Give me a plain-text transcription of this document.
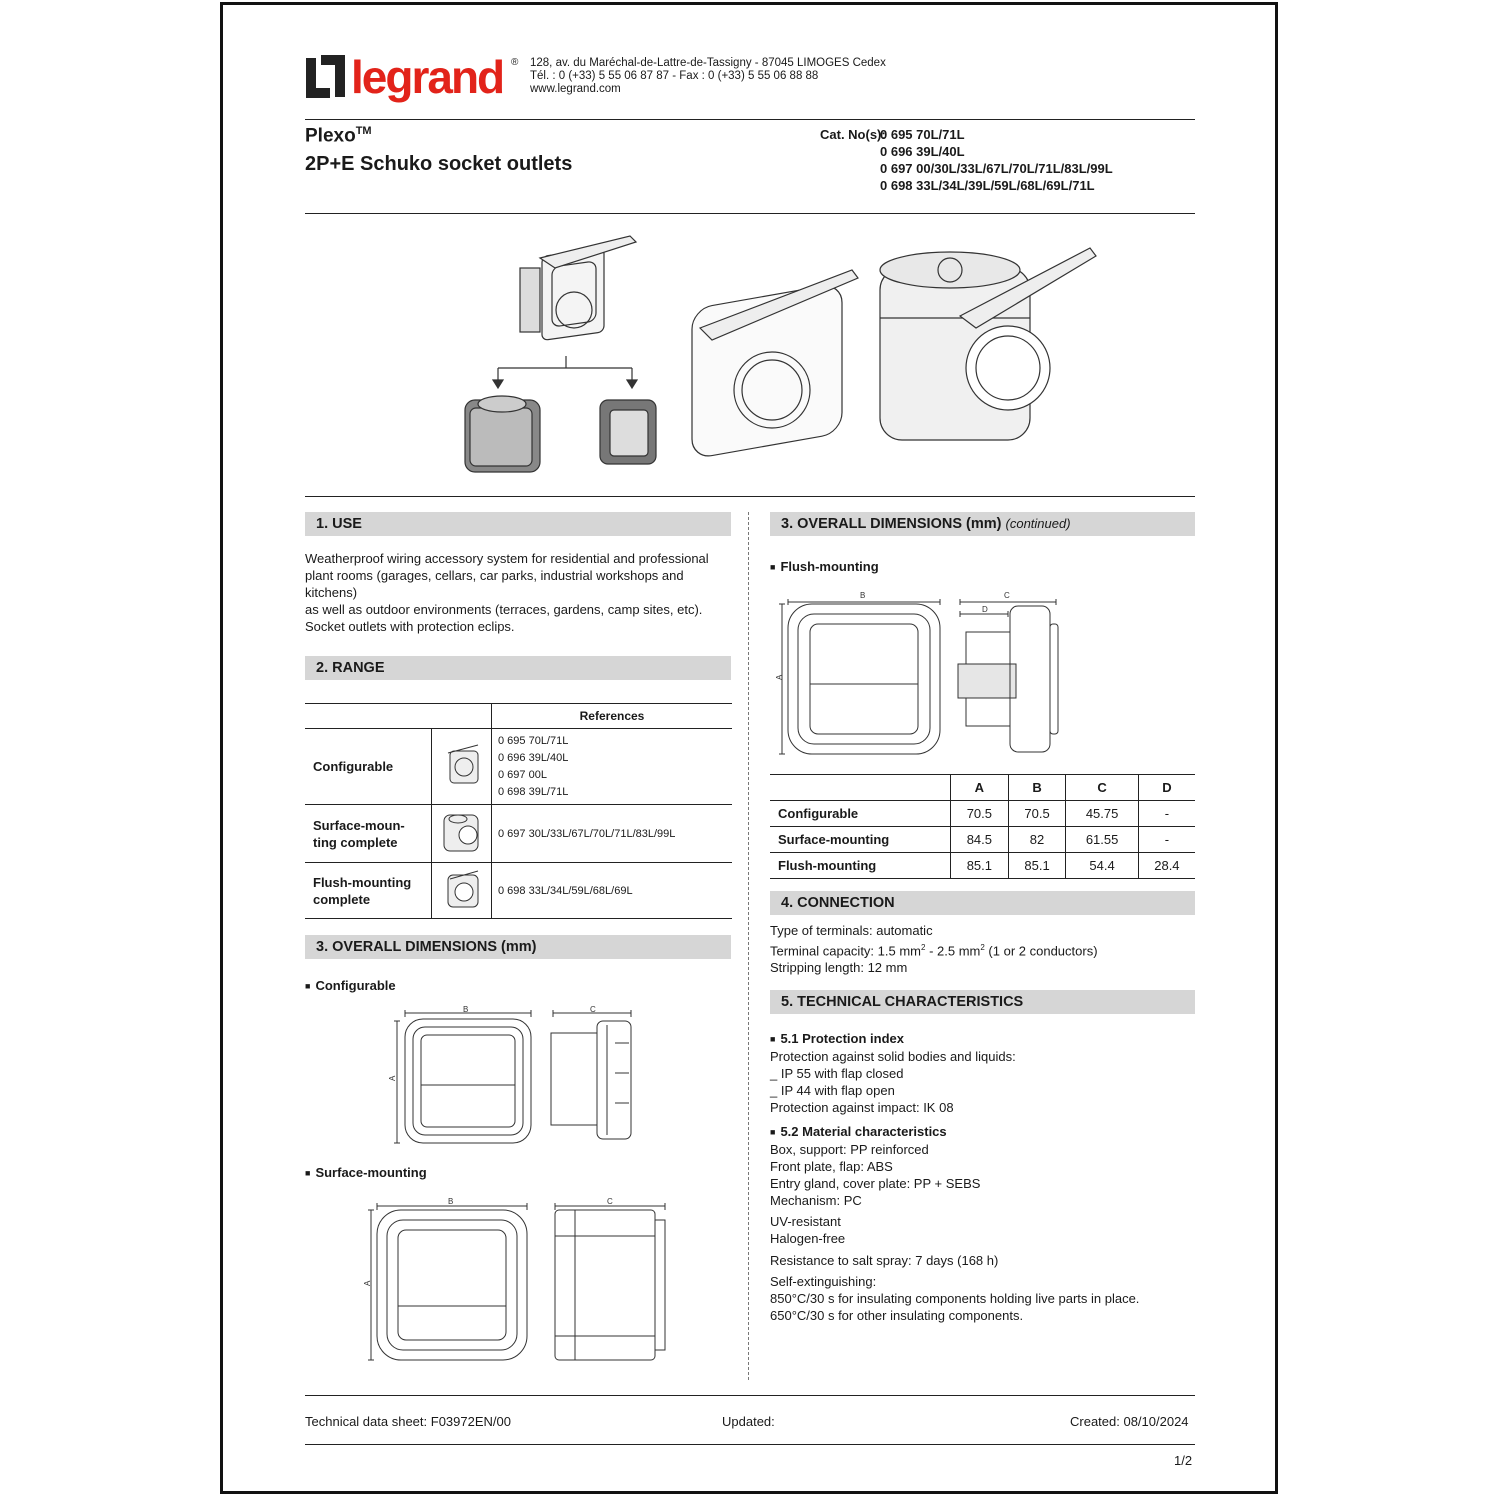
legrand ® 128, av. du Maréchal-de-Lattre-de-Tassigny - 87045 LIMOGES Cedex
Tél. : 0 (+33) 5 55 06 87 87 - Fax : 0 (+33) 5 55 06 88 88
www.legrand.com
Plexo™
2P+E Schuko socket outlets
Cat. No(s):
0 695 70L/71L
0 696 39L/40L
0 697 00/30L/33L/67L/70L/71L/83L/99L
0 698 33L/34L/39L/59L/68L/69L/71L
1. USE
Weatherproof wiring accessory system for residential and professional
plant rooms (garages, cellars, car parks, industrial workshops and kitchens)
as well as outdoor environments (terraces, gardens, camp sites, etc).
Socket outlets with protection eclips.
2. RANGE
		References
Configurable		0 695 70L/71L
0 696 39L/40L
0 697 00L
0 698 39L/71L

Surface-moun-
ting complete		0 697 30L/33L/67L/70L/71L/83L/99L

Flush-mounting
complete		0 698 33L/34L/59L/68L/69L
3. OVERALL DIMENSIONS (mm)
■ Configurable
B
A
C
■ Surface-mounting
B
A
C
3. OVERALL DIMENSIONS (mm) (continued)
■ Flush-mounting
B
A
C
D
	A	B	C	D
Configurable	70.5	70.5	45.75	-
Surface-mounting	84.5	82	61.55	-
Flush-mounting	85.1	85.1	54.4	28.4
4. CONNECTION
Type of terminals: automatic
Terminal capacity: 1.5 $mm^2 - 2.5$ $mm^2$ (1 or 2 conductors)
Stripping length: 12 mm
5. TECHNICAL CHARACTERISTICS
■ 5.1 Protection index
Protection against solid bodies and liquids:
_ IP 55 with flap closed
_ IP 44 with flap open
Protection against impact: IK 08
■ 5.2 Material characteristics
Box, support: PP reinforced
Front plate, flap: ABS
Entry gland, cover plate: PP + SEBS
Mechanism: PC
UV-resistant
Halogen-free
Resistance to salt spray: 7 days (168 h)
Self-extinguishing:
850°C/30 s for insulating components holding live parts in place.
650°C/30 s for other insulating components.
Technical data sheet: F03972EN/00	Updated:	Created: 08/10/2024
1/2
